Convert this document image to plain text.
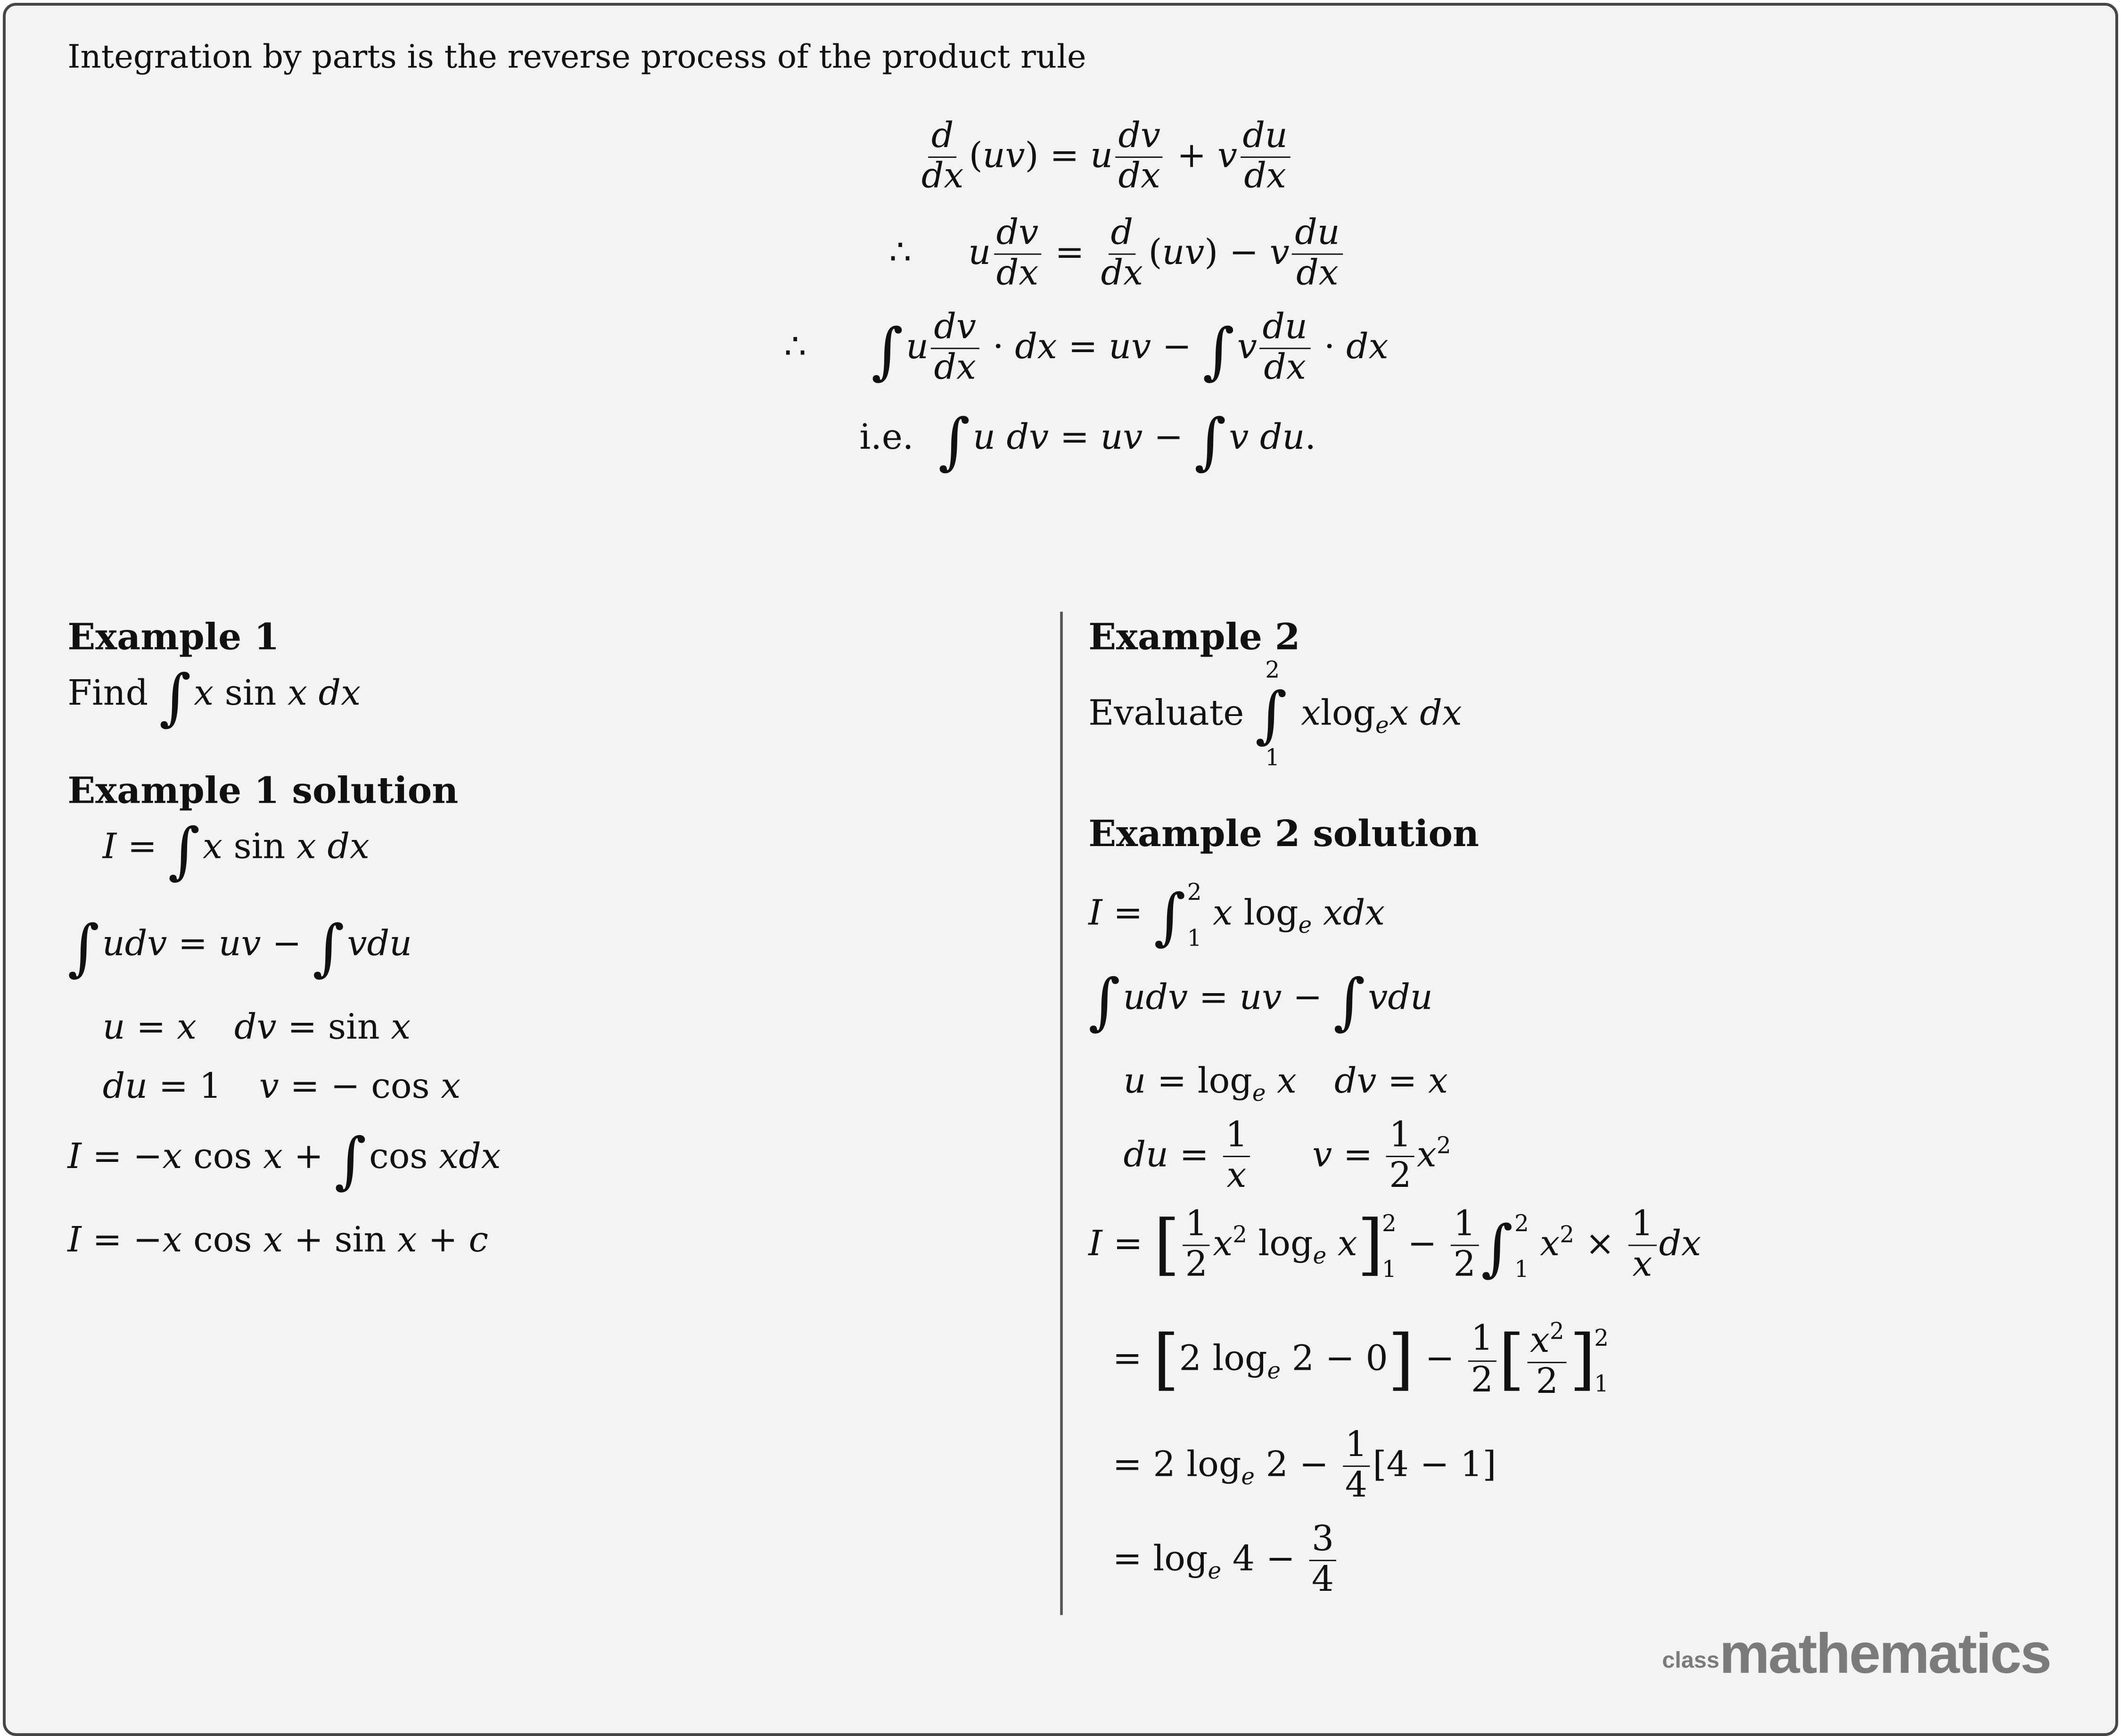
Integration by parts is the reverse process of the product rule
$\frac{d}{dx} (uv) = u \frac{dv}{dx} + v \frac{du}{dx}$
∴	u $\frac{dv}{dx} = \frac{d}{dx} (uv) - v \frac{du}{dx}$
∴	∫ u $\frac{dv}{dx}$ · dx = uv − ∫ v $\frac{du}{dx}$ · dx
i.e. ∫ u dv = uv − ∫ v du.
Example 1
Find ∫ x sin x dx
Example 1 solution
I = ∫ x sin x dx
∫ udv = uv − ∫ vdu
u = x	dv = sin x
du = 1	v = − cos x
I = −x cos x + ∫ cos xdx
I = −x cos x + sin x + c
Example 2
Evaluate
2
∫
1
xlog$_e$x dx
Example 2 solution
I = ∫ 2
1
x $\log_e$ xdx
∫ udv = uv − ∫ vdu
$u = \log_e x$	dv = x
du = $\frac{1}{x}$	$v = \frac{1}{2} x^2$
I = [ $\frac{1}{2} x^2$ $\log_e x$]
2
1
− $\frac{1}{2}$ ∫ 2
1
$x^2 \times \frac{1}{x}$ dx
= [2 $\log_e 2 - 0] - \frac{1}{2}$ [ $\frac{x^2}{2}$ ]
2
1
= 2 $\log_e 2 - \frac{1}{4} [4 - 1]$
= $\log_e 4 - \frac{3}{4}$
classmathematics
